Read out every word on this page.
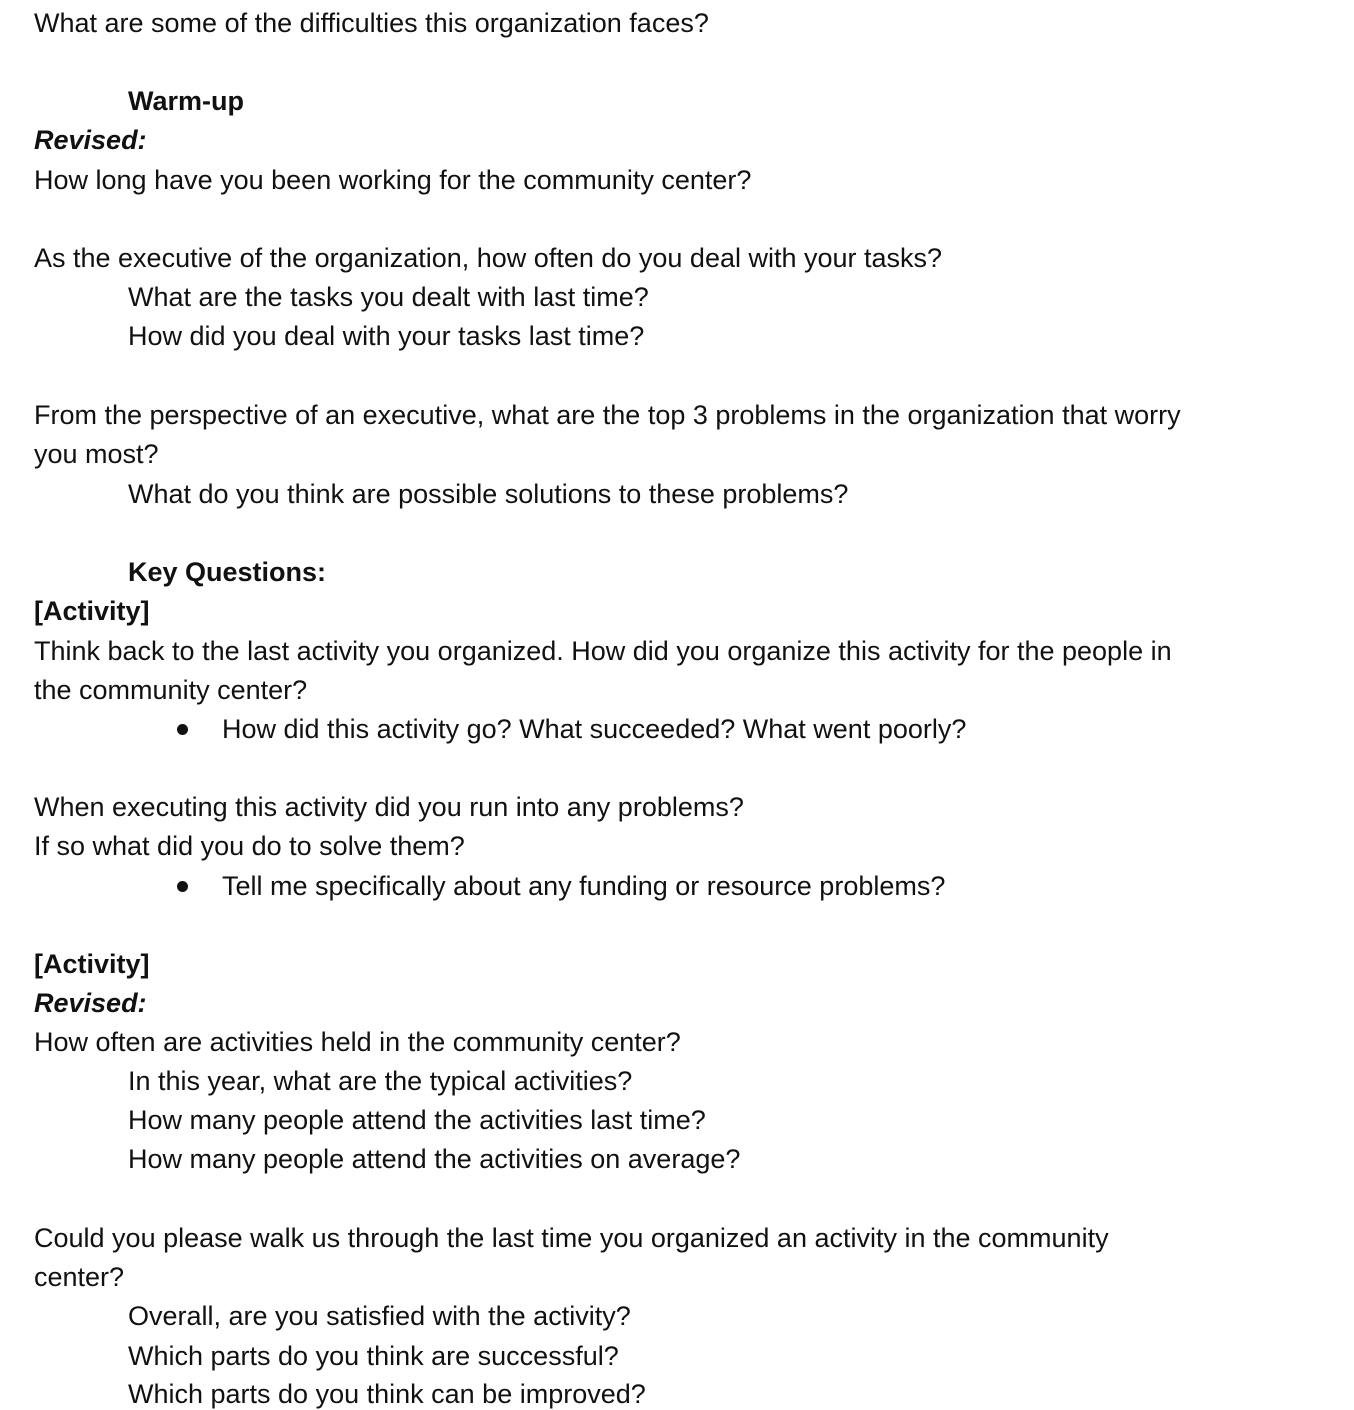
What are some of the difficulties this organization faces?
Warm-up
Revised:
How long have you been working for the community center?
As the executive of the organization, how often do you deal with your tasks?
What are the tasks you dealt with last time?
How did you deal with your tasks last time?
From the perspective of an executive, what are the top 3 problems in the organization that worry
you most?
What do you think are possible solutions to these problems?
Key Questions:
[Activity]
Think back to the last activity you organized. How did you organize this activity for the people in
the community center?
How did this activity go? What succeeded? What went poorly?
When executing this activity did you run into any problems?
If so what did you do to solve them?
Tell me specifically about any funding or resource problems?
[Activity]
Revised:
How often are activities held in the community center?
In this year, what are the typical activities?
How many people attend the activities last time?
How many people attend the activities on average?
Could you please walk us through the last time you organized an activity in the community
center?
Overall, are you satisfied with the activity?
Which parts do you think are successful?
Which parts do you think can be improved?
